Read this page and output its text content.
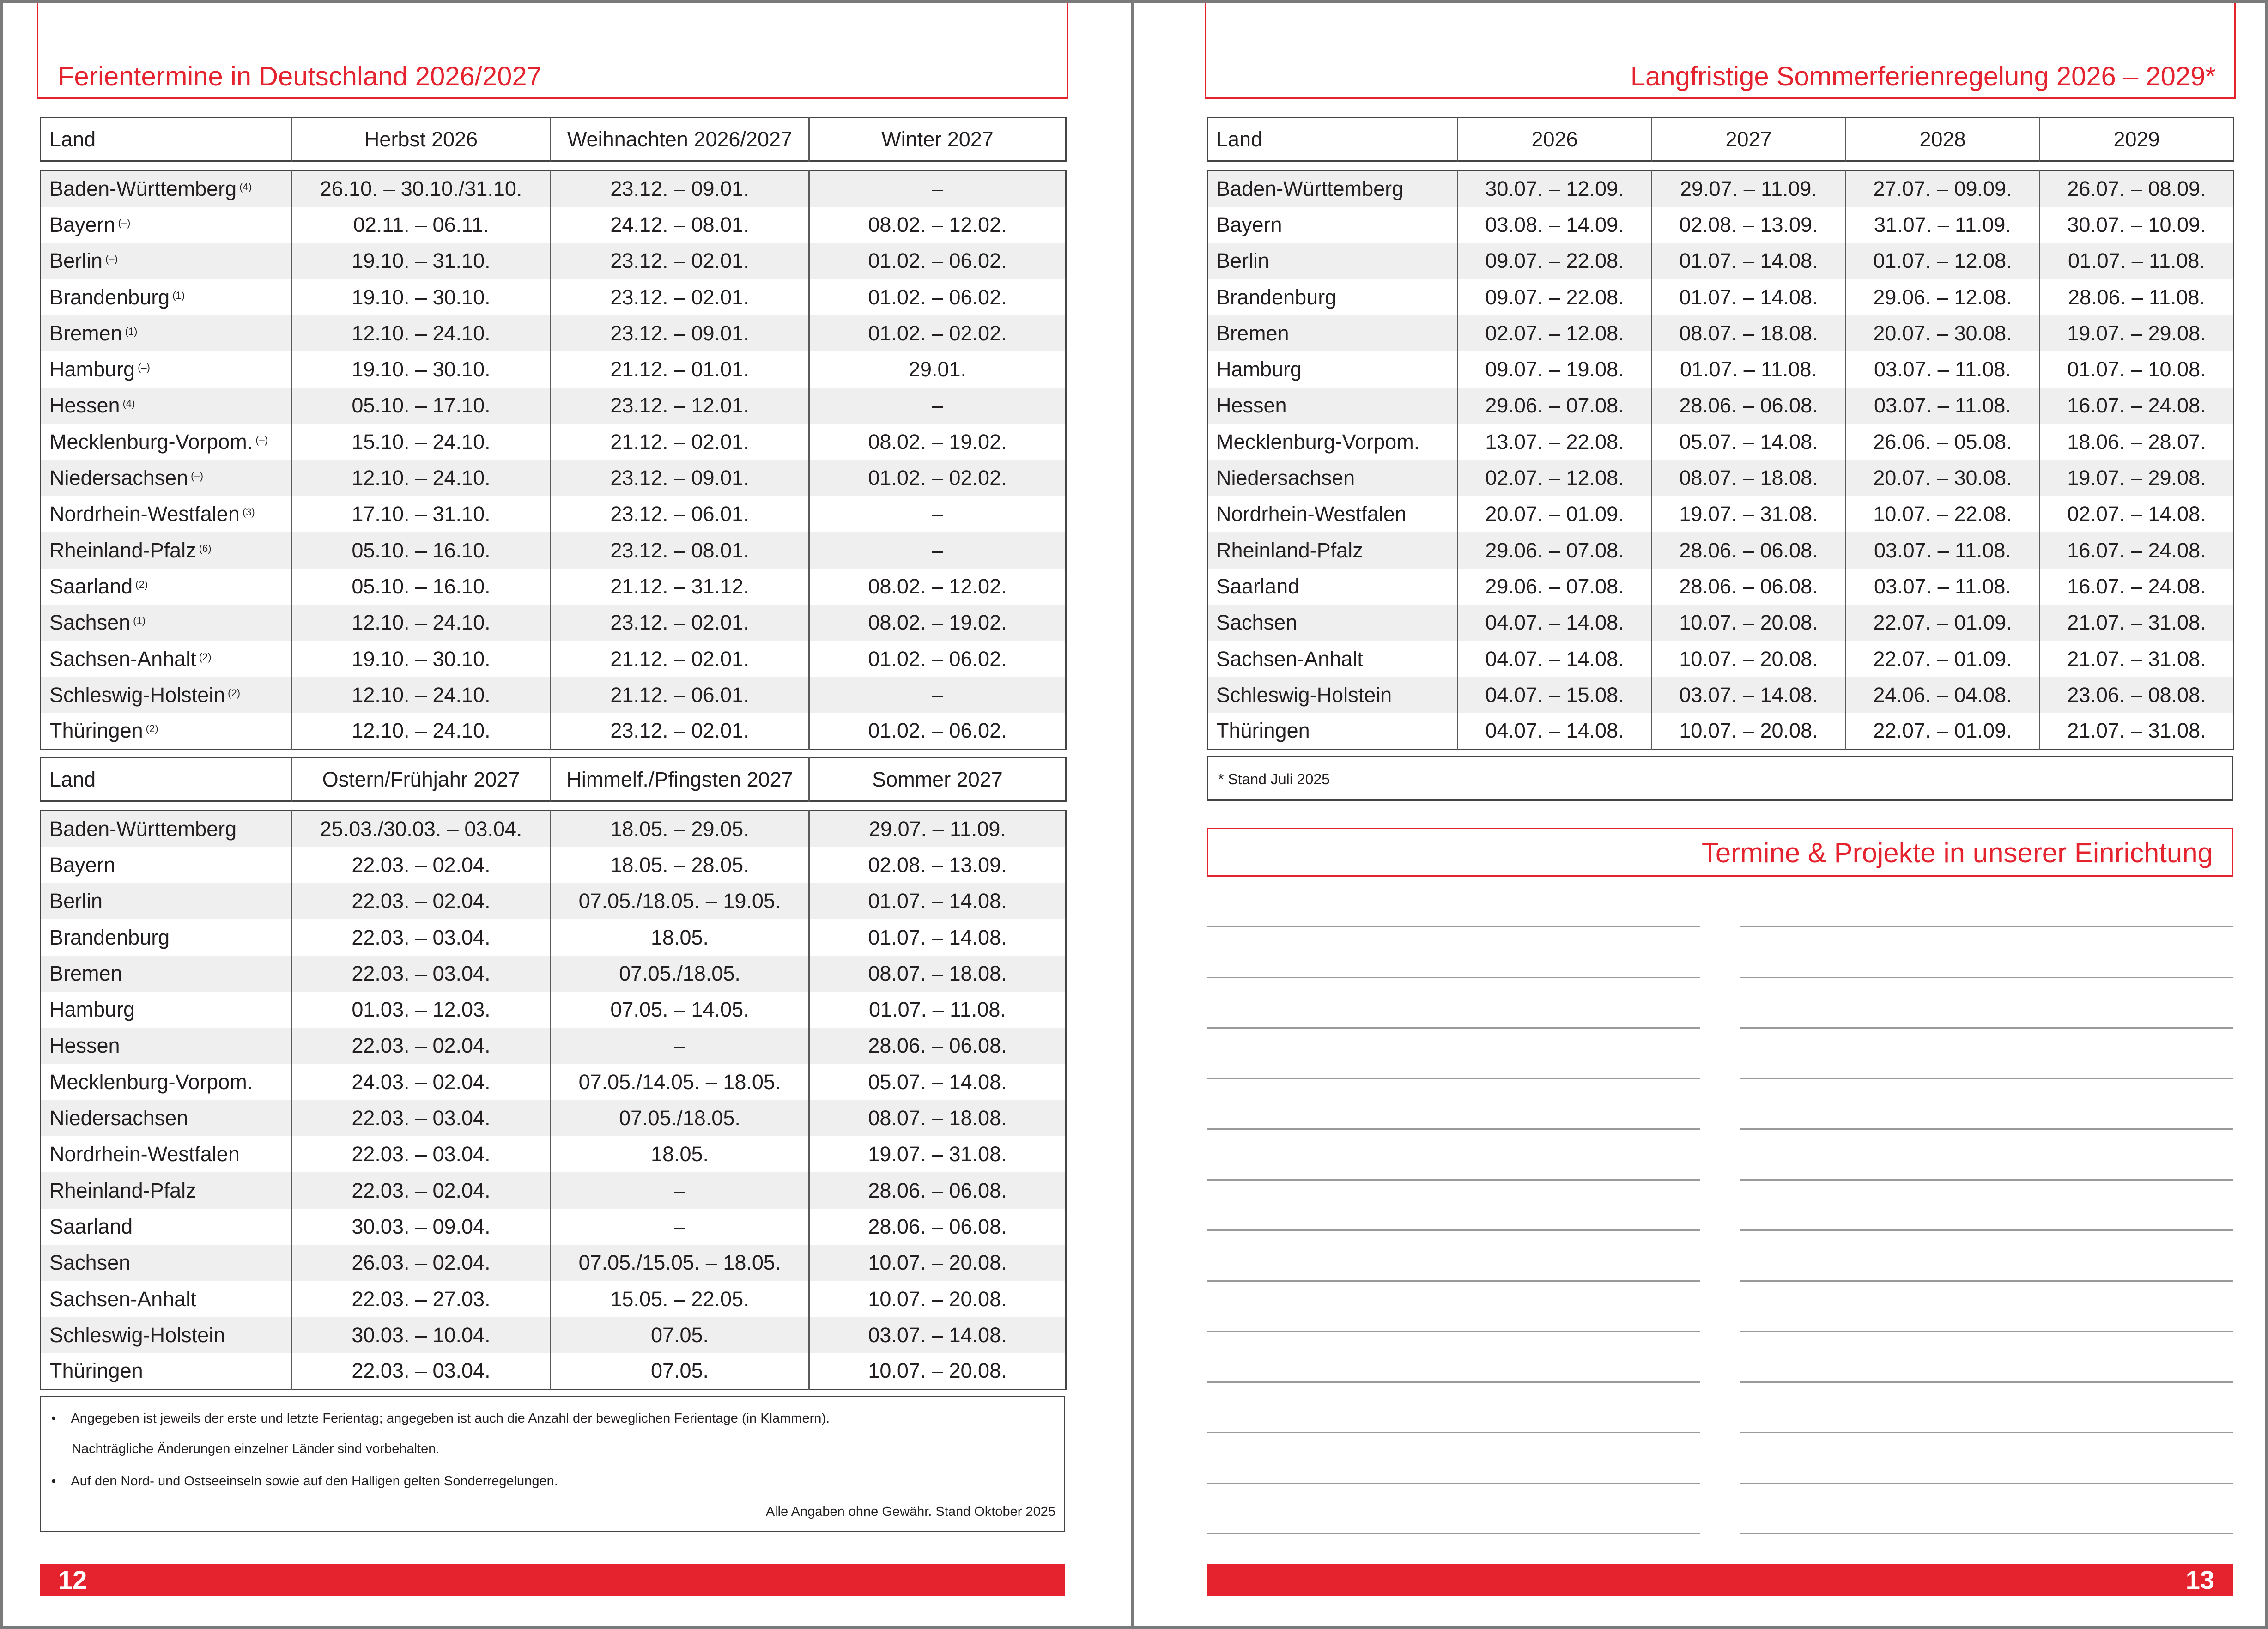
Ferientermine in Deutschland 2026/2027
Land	Herbst 2026	Weihnachten 2026/2027	Winter 2027
Baden-Württemberg $^{(4)}$	26.10. – 30.10./31.10.	23.12. – 09.01.	–
Bayern (–)	02.11. – 06.11.	24.12. – 08.01.	08.02. – 12.02.
Berlin (–)	19.10. – 31.10.	23.12. – 02.01.	01.02. – 06.02.
Brandenburg $^{(1)}$	19.10. – 30.10.	23.12. – 02.01.	01.02. – 06.02.
Bremen $^{(1)}$	12.10. – 24.10.	23.12. – 09.01.	01.02. – 02.02.
Hamburg (–)	19.10. – 30.10.	21.12. – 01.01.	29.01.
Hessen $^{(4)}$	05.10. – 17.10.	23.12. – 12.01.	–
Mecklenburg-Vorpom. (–)	15.10. – 24.10.	21.12. – 02.01.	08.02. – 19.02.
Niedersachsen (–)	12.10. – 24.10.	23.12. – 09.01.	01.02. – 02.02.
Nordrhein-Westfalen $^{(3)}$	17.10. – 31.10.	23.12. – 06.01.	–
Rheinland-Pfalz $^{(6)}$	05.10. – 16.10.	23.12. – 08.01.	–
Saarland $^{(2)}$	05.10. – 16.10.	21.12. – 31.12.	08.02. – 12.02.
Sachsen $^{(1)}$	12.10. – 24.10.	23.12. – 02.01.	08.02. – 19.02.
Sachsen-Anhalt $^{(2)}$	19.10. – 30.10.	21.12. – 02.01.	01.02. – 06.02.
Schleswig-Holstein $^{(2)}$	12.10. – 24.10.	21.12. – 06.01.	–
Thüringen $^{(2)}$	12.10. – 24.10.	23.12. – 02.01.	01.02. – 06.02.
Land	Ostern/Frühjahr 2027	Himmelf./Pfingsten 2027	Sommer 2027
Baden-Württemberg	25.03./30.03. – 03.04.	18.05. – 29.05.	29.07. – 11.09.
Bayern	22.03. – 02.04.	18.05. – 28.05.	02.08. – 13.09.
Berlin	22.03. – 02.04.	07.05./18.05. – 19.05.	01.07. – 14.08.
Brandenburg	22.03. – 03.04.	18.05.	01.07. – 14.08.
Bremen	22.03. – 03.04.	07.05./18.05.	08.07. – 18.08.
Hamburg	01.03. – 12.03.	07.05. – 14.05.	01.07. – 11.08.
Hessen	22.03. – 02.04.	–	28.06. – 06.08.
Mecklenburg-Vorpom.	24.03. – 02.04.	07.05./14.05. – 18.05.	05.07. – 14.08.
Niedersachsen	22.03. – 03.04.	07.05./18.05.	08.07. – 18.08.
Nordrhein-Westfalen	22.03. – 03.04.	18.05.	19.07. – 31.08.
Rheinland-Pfalz	22.03. – 02.04.	–	28.06. – 06.08.
Saarland	30.03. – 09.04.	–	28.06. – 06.08.
Sachsen	26.03. – 02.04.	07.05./15.05. – 18.05.	10.07. – 20.08.
Sachsen-Anhalt	22.03. – 27.03.	15.05. – 22.05.	10.07. – 20.08.
Schleswig-Holstein	30.03. – 10.04.	07.05.	03.07. – 14.08.
Thüringen	22.03. – 03.04.	07.05.	10.07. – 20.08.
• Angegeben ist jeweils der erste und letzte Ferientag; angegeben ist auch die Anzahl der beweglichen Ferientage (in Klammern).
Nachträgliche Änderungen einzelner Länder sind vorbehalten.
• Auf den Nord- und Ostseeinseln sowie auf den Halligen gelten Sonderregelungen.
Alle Angaben ohne Gewähr. Stand Oktober 2025
12
Langfristige Sommerferienregelung 2026 – 2029*
Land	2026	2027	2028	2029
Baden-Württemberg	30.07. – 12.09.	29.07. – 11.09.	27.07. – 09.09.	26.07. – 08.09.
Bayern	03.08. – 14.09.	02.08. – 13.09.	31.07. – 11.09.	30.07. – 10.09.
Berlin	09.07. – 22.08.	01.07. – 14.08.	01.07. – 12.08.	01.07. – 11.08.
Brandenburg	09.07. – 22.08.	01.07. – 14.08.	29.06. – 12.08.	28.06. – 11.08.
Bremen	02.07. – 12.08.	08.07. – 18.08.	20.07. – 30.08.	19.07. – 29.08.
Hamburg	09.07. – 19.08.	01.07. – 11.08.	03.07. – 11.08.	01.07. – 10.08.
Hessen	29.06. – 07.08.	28.06. – 06.08.	03.07. – 11.08.	16.07. – 24.08.
Mecklenburg-Vorpom.	13.07. – 22.08.	05.07. – 14.08.	26.06. – 05.08.	18.06. – 28.07.
Niedersachsen	02.07. – 12.08.	08.07. – 18.08.	20.07. – 30.08.	19.07. – 29.08.
Nordrhein-Westfalen	20.07. – 01.09.	19.07. – 31.08.	10.07. – 22.08.	02.07. – 14.08.
Rheinland-Pfalz	29.06. – 07.08.	28.06. – 06.08.	03.07. – 11.08.	16.07. – 24.08.
Saarland	29.06. – 07.08.	28.06. – 06.08.	03.07. – 11.08.	16.07. – 24.08.
Sachsen	04.07. – 14.08.	10.07. – 20.08.	22.07. – 01.09.	21.07. – 31.08.
Sachsen-Anhalt	04.07. – 14.08.	10.07. – 20.08.	22.07. – 01.09.	21.07. – 31.08.
Schleswig-Holstein	04.07. – 15.08.	03.07. – 14.08.	24.06. – 04.08.	23.06. – 08.08.
Thüringen	04.07. – 14.08.	10.07. – 20.08.	22.07. – 01.09.	21.07. – 31.08.
* Stand Juli 2025
Termine & Projekte in unserer Einrichtung
13
